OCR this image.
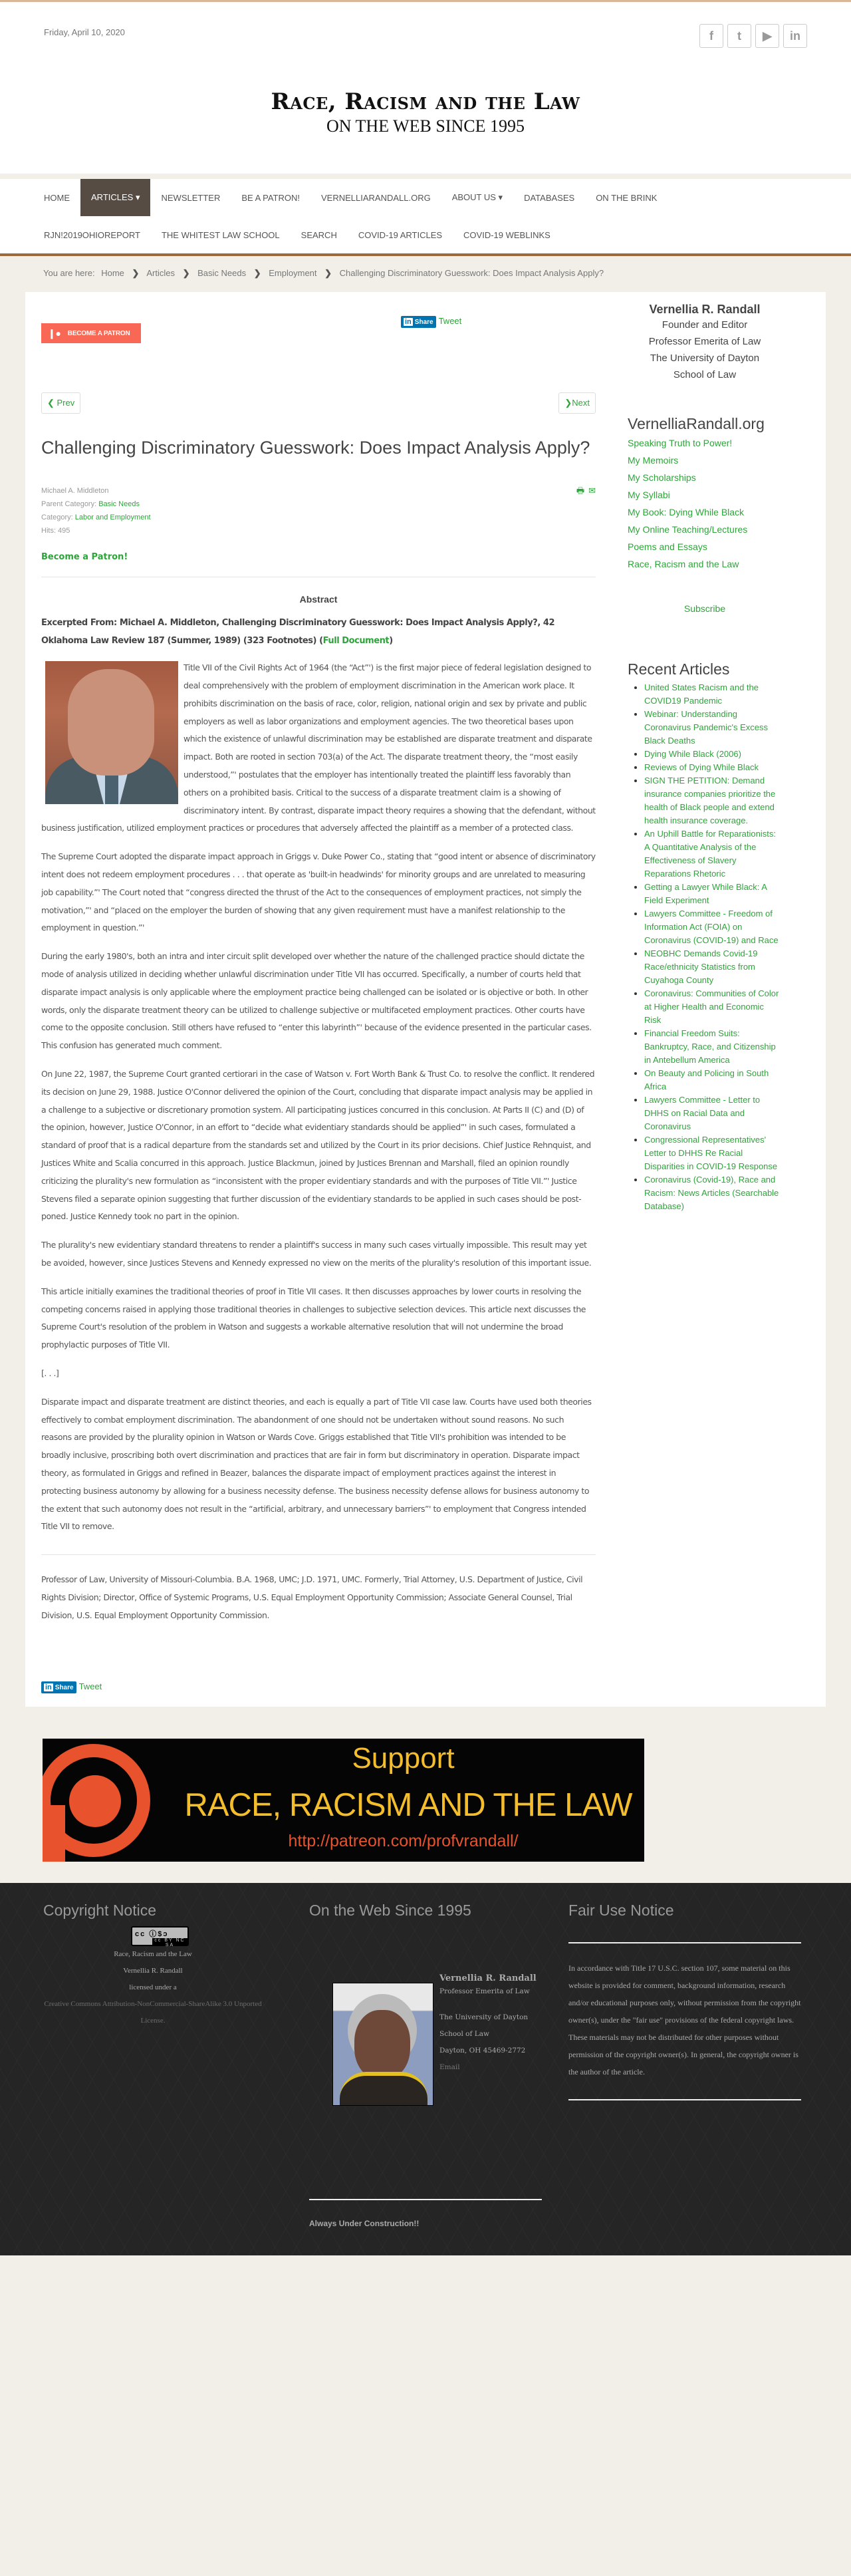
Friday, April 10, 2020	f	t	▶	in
Race, Racism and the Law
ON THE WEB SINCE 1995
HOME	ARTICLES ▾	NEWSLETTER	BE A PATRON!	VERNELLIARANDALL.ORG	ABOUT US ▾	DATABASES	ON THE BRINK
RJN!2019OHIOREPORT	THE WHITEST LAW SCHOOL	SEARCH	COVID-19 ARTICLES	COVID-19 WEBLINKS
You are here: Home ❯ Articles ❯ Basic Needs ❯ Employment ❯ Challenging Discriminatory Guesswork: Does Impact Analysis Apply?
❙● BECOME A PATRON
in Share Tweet
❮ Prev	❯Next
Challenging Discriminatory Guesswork: Does Impact Analysis Apply?
Michael A. Middleton
Parent Category: Basic Needs
Category: Labor and Employment
Hits: 495
🖶 ✉
Become a Patron!
Abstract
Excerpted From: Michael A. Middleton, Challenging Discriminatory Guesswork: Does Impact Analysis Apply?, 42 Oklahoma Law Review 187 (Summer, 1989) (323 Footnotes) (Full Document)

Title VII of the Civil Rights Act of 1964 (the “Act”') is the first major piece of federal legislation designed to deal comprehensively with the problem of employment discrimination in the American work place. It prohibits discrimination on the basis of race, color, religion, national origin and sex by private and public employers as well as labor organizations and employment agencies. The two theoretical bases upon which the existence of unlawful discrimination may be established are disparate treatment and disparate impact. Both are rooted in section 703(a) of the Act. The disparate treatment theory, the “most easily understood,”' postulates that the employer has intentionally treated the plaintiff less favorably than others on a prohibited basis. Critical to the success of a disparate treatment claim is a showing of discriminatory intent. By contrast, disparate impact theory requires a showing that the defendant, without business justification, utilized employment practices or procedures that adversely affected the plaintiff as a member of a protected class.

The Supreme Court adopted the disparate impact approach in Griggs v. Duke Power Co., stating that “good intent or absence of discriminatory intent does not redeem employment procedures . . . that operate as 'built-in headwinds' for minority groups and are unrelated to measuring job capability.”' The Court noted that “congress directed the thrust of the Act to the consequences of employment practices, not simply the motivation,”' and “placed on the employer the burden of showing that any given requirement must have a manifest relationship to the employment in question.”'

During the early 1980's, both an intra and inter circuit split developed over whether the nature of the challenged practice should dictate the mode of analysis utilized in deciding whether unlawful discrimination under Title VII has occurred. Specifically, a number of courts held that disparate impact analysis is only applicable where the employment practice being challenged can be isolated or is objective or both. In other words, only the disparate treatment theory can be utilized to challenge subjective or multifaceted employment practices. Other courts have come to the opposite conclusion. Still others have refused to “enter this labyrinth”' because of the evidence presented in the particular cases. This confusion has generated much comment.

On June 22, 1987, the Supreme Court granted certiorari in the case of Watson v. Fort Worth Bank & Trust Co. to resolve the conflict. It rendered its decision on June 29, 1988. Justice O'Connor delivered the opinion of the Court, concluding that disparate impact analysis may be applied in a challenge to a subjective or discretionary promotion system. All participating justices concurred in this conclusion. At Parts II (C) and (D) of the opinion, however, Justice O'Connor, in an effort to “decide what evidentiary standards should be applied”' in such cases, formulated a standard of proof that is a radical departure from the standards set and utilized by the Court in its prior decisions. Chief Justice Rehnquist, and Justices White and Scalia concurred in this approach. Justice Blackmun, joined by Justices Brennan and Marshall, filed an opinion roundly criticizing the plurality's new formulation as “inconsistent with the proper evidentiary standards and with the purposes of Title VII.”' Justice Stevens filed a separate opinion suggesting that further discussion of the evidentiary standards to be applied in such cases should be post-poned. Justice Kennedy took no part in the opinion.

The plurality's new evidentiary standard threatens to render a plaintiff's success in many such cases virtually impossible. This result may yet be avoided, however, since Justices Stevens and Kennedy expressed no view on the merits of the plurality's resolution of this important issue.

This article initially examines the traditional theories of proof in Title VII cases. It then discusses approaches by lower courts in resolving the competing concerns raised in applying those traditional theories in challenges to subjective selection devices. This article next discusses the Supreme Court's resolution of the problem in Watson and suggests a workable alternative resolution that will not undermine the broad prophylactic purposes of Title VII.

[. . .]

Disparate impact and disparate treatment are distinct theories, and each is equally a part of Title VII case law. Courts have used both theories effectively to combat employment discrimination. The abandonment of one should not be undertaken without sound reasons. No such reasons are provided by the plurality opinion in Watson or Wards Cove. Griggs established that Title VII's prohibition was intended to be broadly inclusive, proscribing both overt discrimination and practices that are fair in form but discriminatory in operation. Disparate impact theory, as formulated in Griggs and refined in Beazer, balances the disparate impact of employment practices against the interest in protecting business autonomy by allowing for a business necessity defense. The business necessity defense allows for business autonomy to the extent that such autonomy does not result in the “artificial, arbitrary, and unnecessary barriers”' to employment that Congress intended Title VII to remove.

Professor of Law, University of Missouri-Columbia. B.A. 1968, UMC; J.D. 1971, UMC. Formerly, Trial Attorney, U.S. Department of Justice, Civil Rights Division; Director, Office of Systemic Programs, U.S. Equal Employment Opportunity Commission; Associate General Counsel, Trial Division, U.S. Equal Employment Opportunity Commission.

in Share Tweet
Vernellia R. Randall
Founder and Editor
Professor Emerita of Law
The University of Dayton
School of Law
VernelliaRandall.org
Speaking Truth to Power!
My Memoirs
My Scholarships
My Syllabi
My Book: Dying While Black
My Online Teaching/Lectures
Poems and Essays
Race, Racism and the Law
Subscribe
Recent Articles
• United States Racism and the COVID19 Pandemic
• Webinar: Understanding Coronavirus Pandemic's Excess Black Deaths
• Dying While Black (2006)
• Reviews of Dying While Black
• SIGN THE PETITION: Demand insurance companies prioritize the health of Black people and extend health insurance coverage.
• An Uphill Battle for Reparationists: A Quantitative Analysis of the Effectiveness of Slavery Reparations Rhetoric
• Getting a Lawyer While Black: A Field Experiment
• Lawyers Committee - Freedom of Information Act (FOIA) on Coronavirus (COVID-19) and Race
• NEOBHC Demands Covid-19 Race/ethnicity Statistics from Cuyahoga County
• Coronavirus: Communities of Color at Higher Health and Economic Risk
• Financial Freedom Suits: Bankruptcy, Race, and Citizenship in Antebellum America
• On Beauty and Policing in South Africa
• Lawyers Committee - Letter to DHHS on Racial Data and Coronavirus
• Congressional Representatives' Letter to DHHS Re Racial Disparities in COVID-19 Response
• Coronavirus (Covid-19), Race and Racism: News Articles (Searchable Database)
Support
RACE, RACISM AND THE LAW
http://patreon.com/profvrandall/
Copyright Notice
cc ⓘ$ↄ
cc BY NC SA
Race, Racism and the Law
Vernellia R. Randall
licensed under a
Creative Commons Attribution-NonCommercial-ShareAlike 3.0 Unported License.
On the Web Since 1995
Vernellia R. Randall
Professor Emerita of Law
The University of Dayton
School of Law
Dayton, OH 45469-2772
Email
Fair Use Notice

In accordance with Title 17 U.S.C. section 107, some material on this website is provided for comment, background information, research and/or educational purposes only, without permission from the copyright owner(s), under the "fair use" provisions of the federal copyright laws. These materials may not be distributed for other purposes without permission of the copyright owner(s). In general, the copyright owner is the author of the article.

Always Under Construction!!
